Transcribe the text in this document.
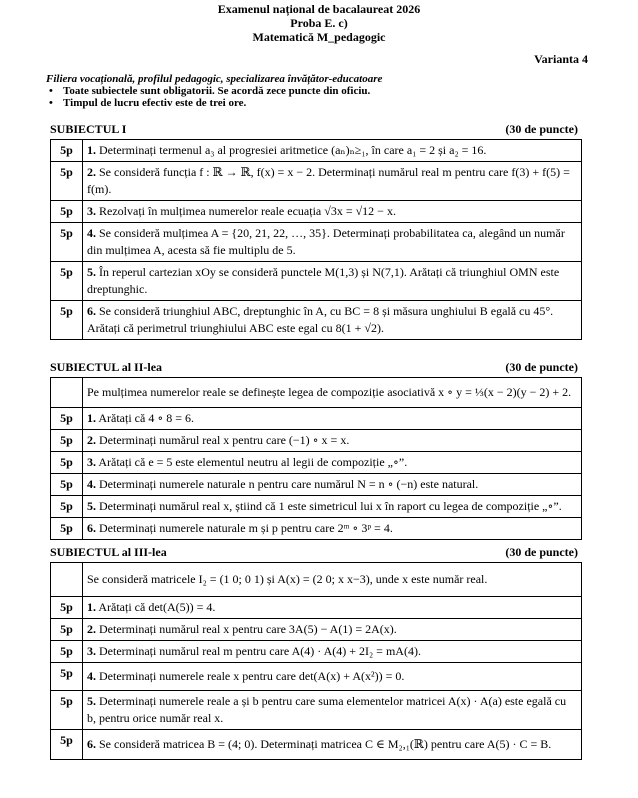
Examenul național de bacalaureat 2026
Proba E. c)
Matematică M_pedagogic
Varianta 4
Filiera vocațională, profilul pedagogic, specializarea învățător-educatoare
• Toate subiectele sunt obligatorii. Se acordă zece puncte din oficiu.
• Timpul de lucru efectiv este de trei ore.
SUBIECTUL I	(30 de puncte)
5p	1. Determinați termenul a₃ al progresiei aritmetice (aₙ)ₙ≥₁, în care a₁ = 2 și a₂ = 16.
5p	2. Se consideră funcția f : ℝ → ℝ, f(x) = x − 2. Determinați numărul real m pentru care f(3) + f(5) = f(m).
5p	3. Rezolvați în mulțimea numerelor reale ecuația √3x = √12 − x.
5p	4. Se consideră mulțimea A = {20, 21, 22, …, 35}. Determinați probabilitatea ca, alegând un număr din mulțimea A, acesta să fie multiplu de 5.
5p	5. În reperul cartezian xOy se consideră punctele M(1,3) și N(7,1). Arătați că triunghiul OMN este dreptunghic.
5p	6. Se consideră triunghiul ABC, dreptunghic în A, cu BC = 8 și măsura unghiului B egală cu 45°. Arătați că perimetrul triunghiului ABC este egal cu 8(1 + √2).
SUBIECTUL al II-lea	(30 de puncte)
	Pe mulțimea numerelor reale se definește legea de compoziție asociativă x ∘ y = ⅓(x − 2)(y − 2) + 2.
5p	1. Arătați că 4 ∘ 8 = 6.
5p	2. Determinați numărul real x pentru care (−1) ∘ x = x.
5p	3. Arătați că e = 5 este elementul neutru al legii de compoziție „∘”.
5p	4. Determinați numerele naturale n pentru care numărul N = n ∘ (−n) este natural.
5p	5. Determinați numărul real x, știind că 1 este simetricul lui x în raport cu legea de compoziție „∘”.
5p	6. Determinați numerele naturale m și p pentru care 2ᵐ ∘ 3ᵖ = 4.
SUBIECTUL al III-lea	(30 de puncte)
	Se consideră matricele I₂ = (1 0; 0 1) și A(x) = (2 0; x x−3), unde x este număr real.
5p	1. Arătați că det(A(5)) = 4.
5p	2. Determinați numărul real x pentru care 3A(5) − A(1) = 2A(x).
5p	3. Determinați numărul real m pentru care A(4) · A(4) + 2I₂ = mA(4).
5p	4. Determinați numerele reale x pentru care det(A(x) + A(x²)) = 0.
5p	5. Determinați numerele reale a și b pentru care suma elementelor matricei A(x) · A(a) este egală cu b, pentru orice număr real x.
5p	6. Se consideră matricea B = (4; 0). Determinați matricea C ∈ M₂,₁(ℝ) pentru care A(5) · C = B.
